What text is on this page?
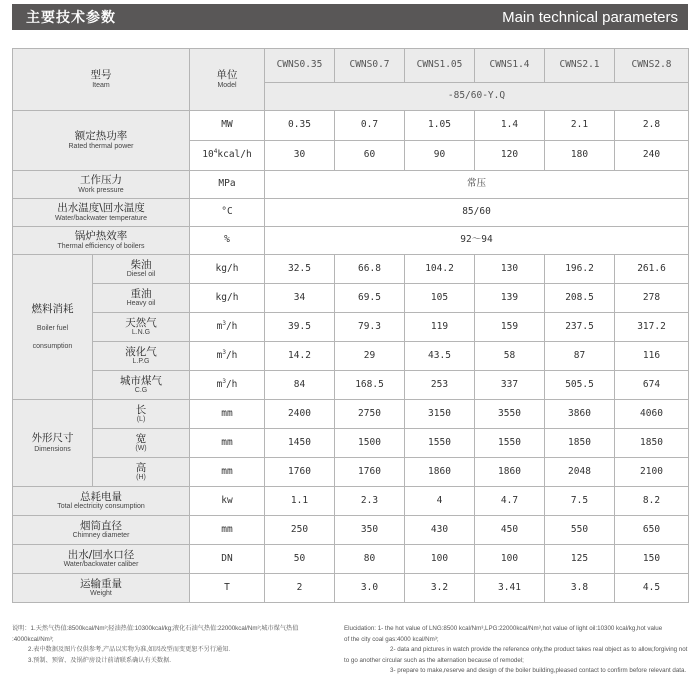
主要技术参数	Main technical parameters
型号
Iteam		单位
Model	CWNS0.35	CWNS0.7	CWNS1.05	CWNS1.4	CWNS2.1	CWNS2.8
			-85/60-Y.Q					

额定热功率
Rated thermal power		MW	0.35	0.7	1.05	1.4	2.1	2.8
		$10^4kcal/h$	30	60	90	120	180	240

工作压力
Work pressure		MPa	常压					

出水温度\回水温度
Water/backwater temperature		°C	85/60					

锅炉热效率
Thermal efficiency of boilers		%	92～94					

燃料消耗
Boiler fuel
consumption	柴油
Diesel oil	kg/h	32.5	66.8	104.2	130	196.2	261.6

	重油
Heavy oil	kg/h	34	69.5	105	139	208.5	278

	天然气
L.N.G	$m^3/h$	39.5	79.3	119	159	237.5	317.2

	液化气
L.P.G	$m^3/h$	14.2	29	43.5	58	87	116

	城市煤气
C.G	$m^3/h$	84	168.5	253	337	505.5	674

外形尺寸
Dimensions	长
(L)	mm	2400	2750	3150	3550	3860	4060

	宽
(W)	mm	1450	1500	1550	1550	1850	1850

	高
(H)	mm	1760	1760	1860	1860	2048	2100

总耗电量
Total electricity consumption		kw	1.1	2.3	4	4.7	7.5	8.2

烟筒直径
Chimney diameter		mm	250	350	430	450	550	650

出水/回水口径
Water/backwater caliber		DN	50	80	100	100	125	150

运输重量
Weight		T	2	3.0	3.2	3.41	3.8	4.5
说明：1.天然气热值:8500kcal/Nm³;轻油热值:10300kcal/kg;液化石油气热值:22000kcal/Nm³;城市煤气热值
:4000kcal/Nm³;
2.表中数据及图片仅供参考,产品以实物为准,如因改型而变更恕不另行通知.
3.预制、预留、及锅炉房设计前请联系确认有关数据.
Elucidation: 1- the hot value of LNG:8500 kcal/Nm³,LPG:22000kcal/Nm³,hot value of light oil:10300 kcal/kg,hot value
of the city coal gas:4000 kcal/Nm³;
2- data and pictures in watch provide the reference only,the product takes real object as to allow,forgiving not
to go another circular such as the alternation because of remodel;
3- prepare to make,reserve and design of the boiler building,pleased contact to confirm before relevant data.
